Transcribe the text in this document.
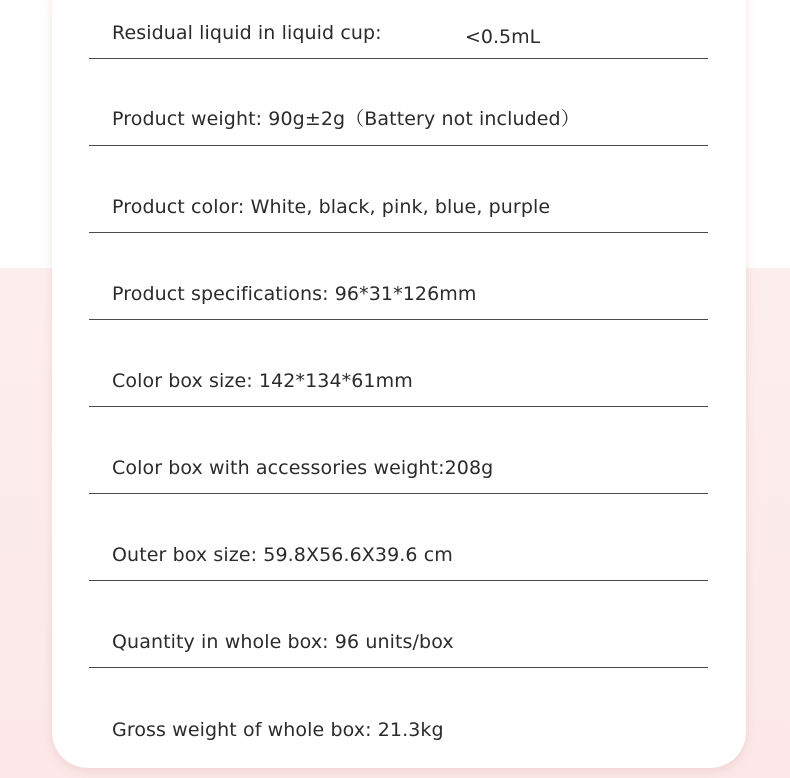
Residual liquid in liquid cup:	<0.5mL
Product weight: 90g±2g（Battery not included）
Product color: White, black, pink, blue, purple
Product specifications: 96*31*126mm
Color box size: 142*134*61mm
Color box with accessories weight:208g
Outer box size: 59.8X56.6X39.6 cm
Quantity in whole box: 96 units/box
Gross weight of whole box: 21.3kg
